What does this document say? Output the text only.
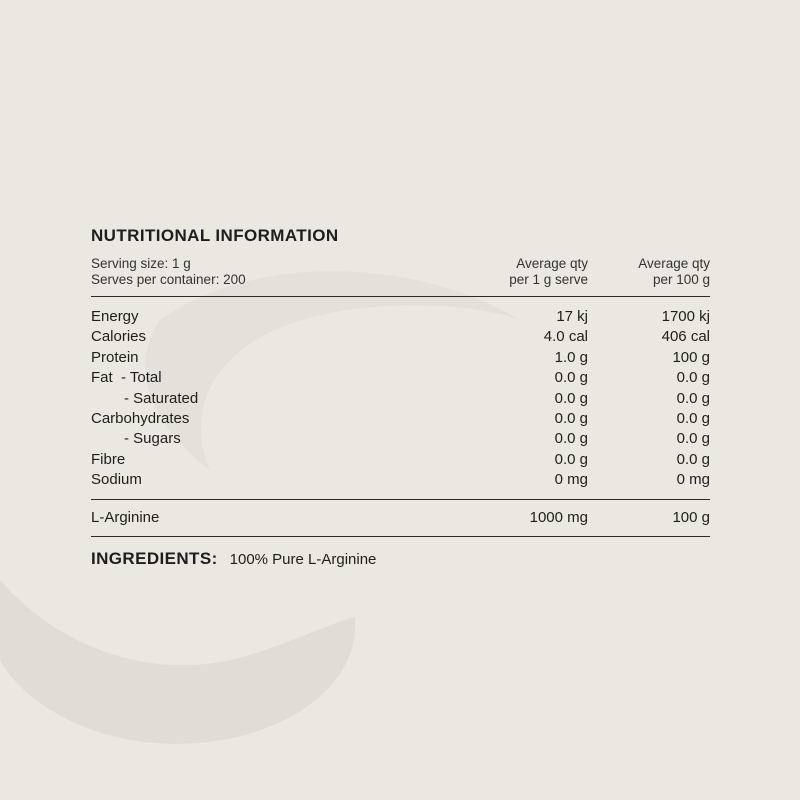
NUTRITIONAL INFORMATION
Serving size: 1 g
Serves per container: 200
Average qty
per 1 g serve
Average qty
per 100 g
Energy	17 kj	1700 kj
Calories	4.0 cal	406 cal
Protein	1.0 g	100 g
Fat  - Total	0.0 g	0.0 g
- Saturated	0.0 g	0.0 g
Carbohydrates	0.0 g	0.0 g
- Sugars	0.0 g	0.0 g
Fibre	0.0 g	0.0 g
Sodium	0 mg	0 mg
L-Arginine	1000 mg	100 g
INGREDIENTS: 100% Pure L-Arginine
